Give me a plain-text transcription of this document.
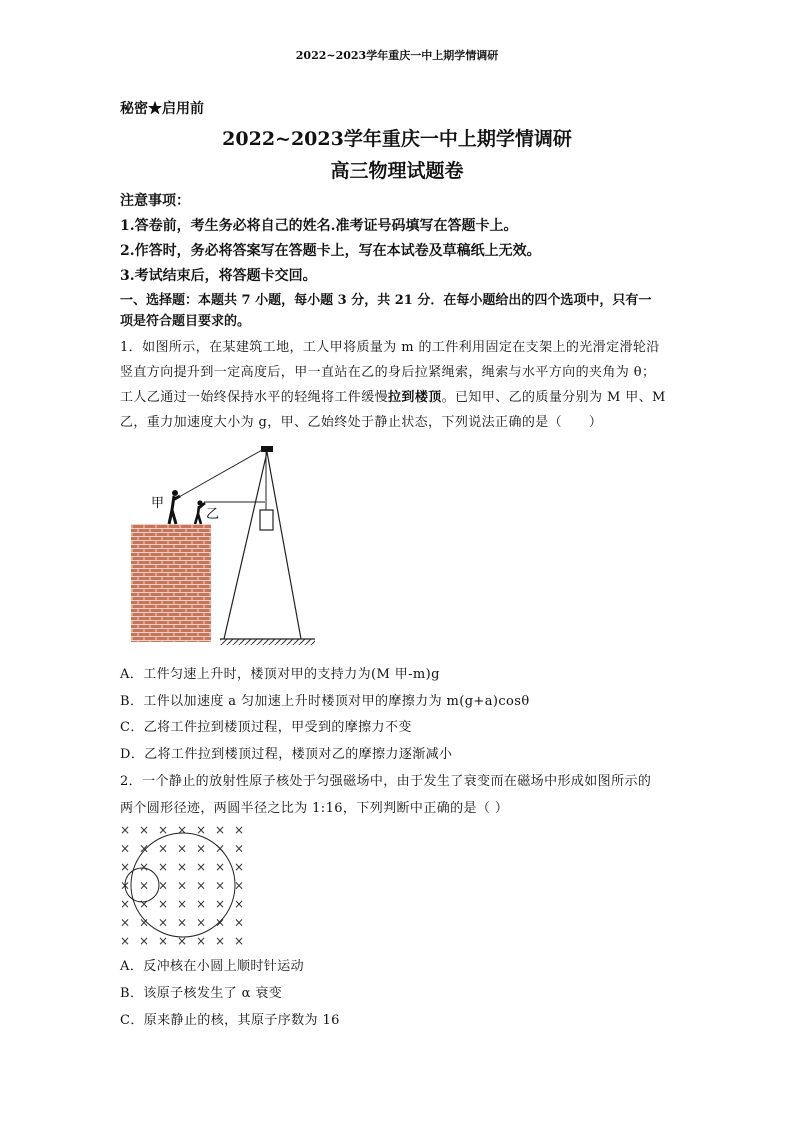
2022~2023学年重庆一中上期学情调研
秘密★启用前
2022~2023学年重庆一中上期学情调研
高三物理试题卷
注意事项：
1.答卷前，考生务必将自己的姓名.准考证号码填写在答题卡上。
2.作答时，务必将答案写在答题卡上，写在本试卷及草稿纸上无效。
3.考试结束后，将答题卡交回。
一、选择题：本题共 7 小题，每小题 3 分，共 21 分．在每小题给出的四个选项中，只有一
项是符合题目要求的。
1．如图所示，在某建筑工地，工人甲将质量为 m 的工件利用固定在支架上的光滑定滑轮沿
竖直方向提升到一定高度后，甲一直站在乙的身后拉紧绳索，绳索与水平方向的夹角为 θ；
工人乙通过一始终保持水平的轻绳将工件缓慢拉到楼顶。已知甲、乙的质量分别为 M 甲、M
乙，重力加速度大小为 g，甲、乙始终处于静止状态，下列说法正确的是（　　）
甲
乙
A．工件匀速上升时，楼顶对甲的支持力为(M 甲-m)g
B．工件以加速度 a 匀加速上升时楼顶对甲的摩擦力为 m(g+a)cosθ
C．乙将工件拉到楼顶过程，甲受到的摩擦力不变
D．乙将工件拉到楼顶过程，楼顶对乙的摩擦力逐渐减小
2．一个静止的放射性原子核处于匀强磁场中，由于发生了衰变而在磁场中形成如图所示的
两个圆形径迹，两圆半径之比为 1:16，下列判断中正确的是（ ）
× × × × × × ×
× × × × × × ×
× × × × × × ×
× × × × × × ×
× × × × × × ×
× × × × × × ×
× × × × × × ×
A．反冲核在小圆上顺时针运动
B．该原子核发生了 α 衰变
C．原来静止的核，其原子序数为 16
